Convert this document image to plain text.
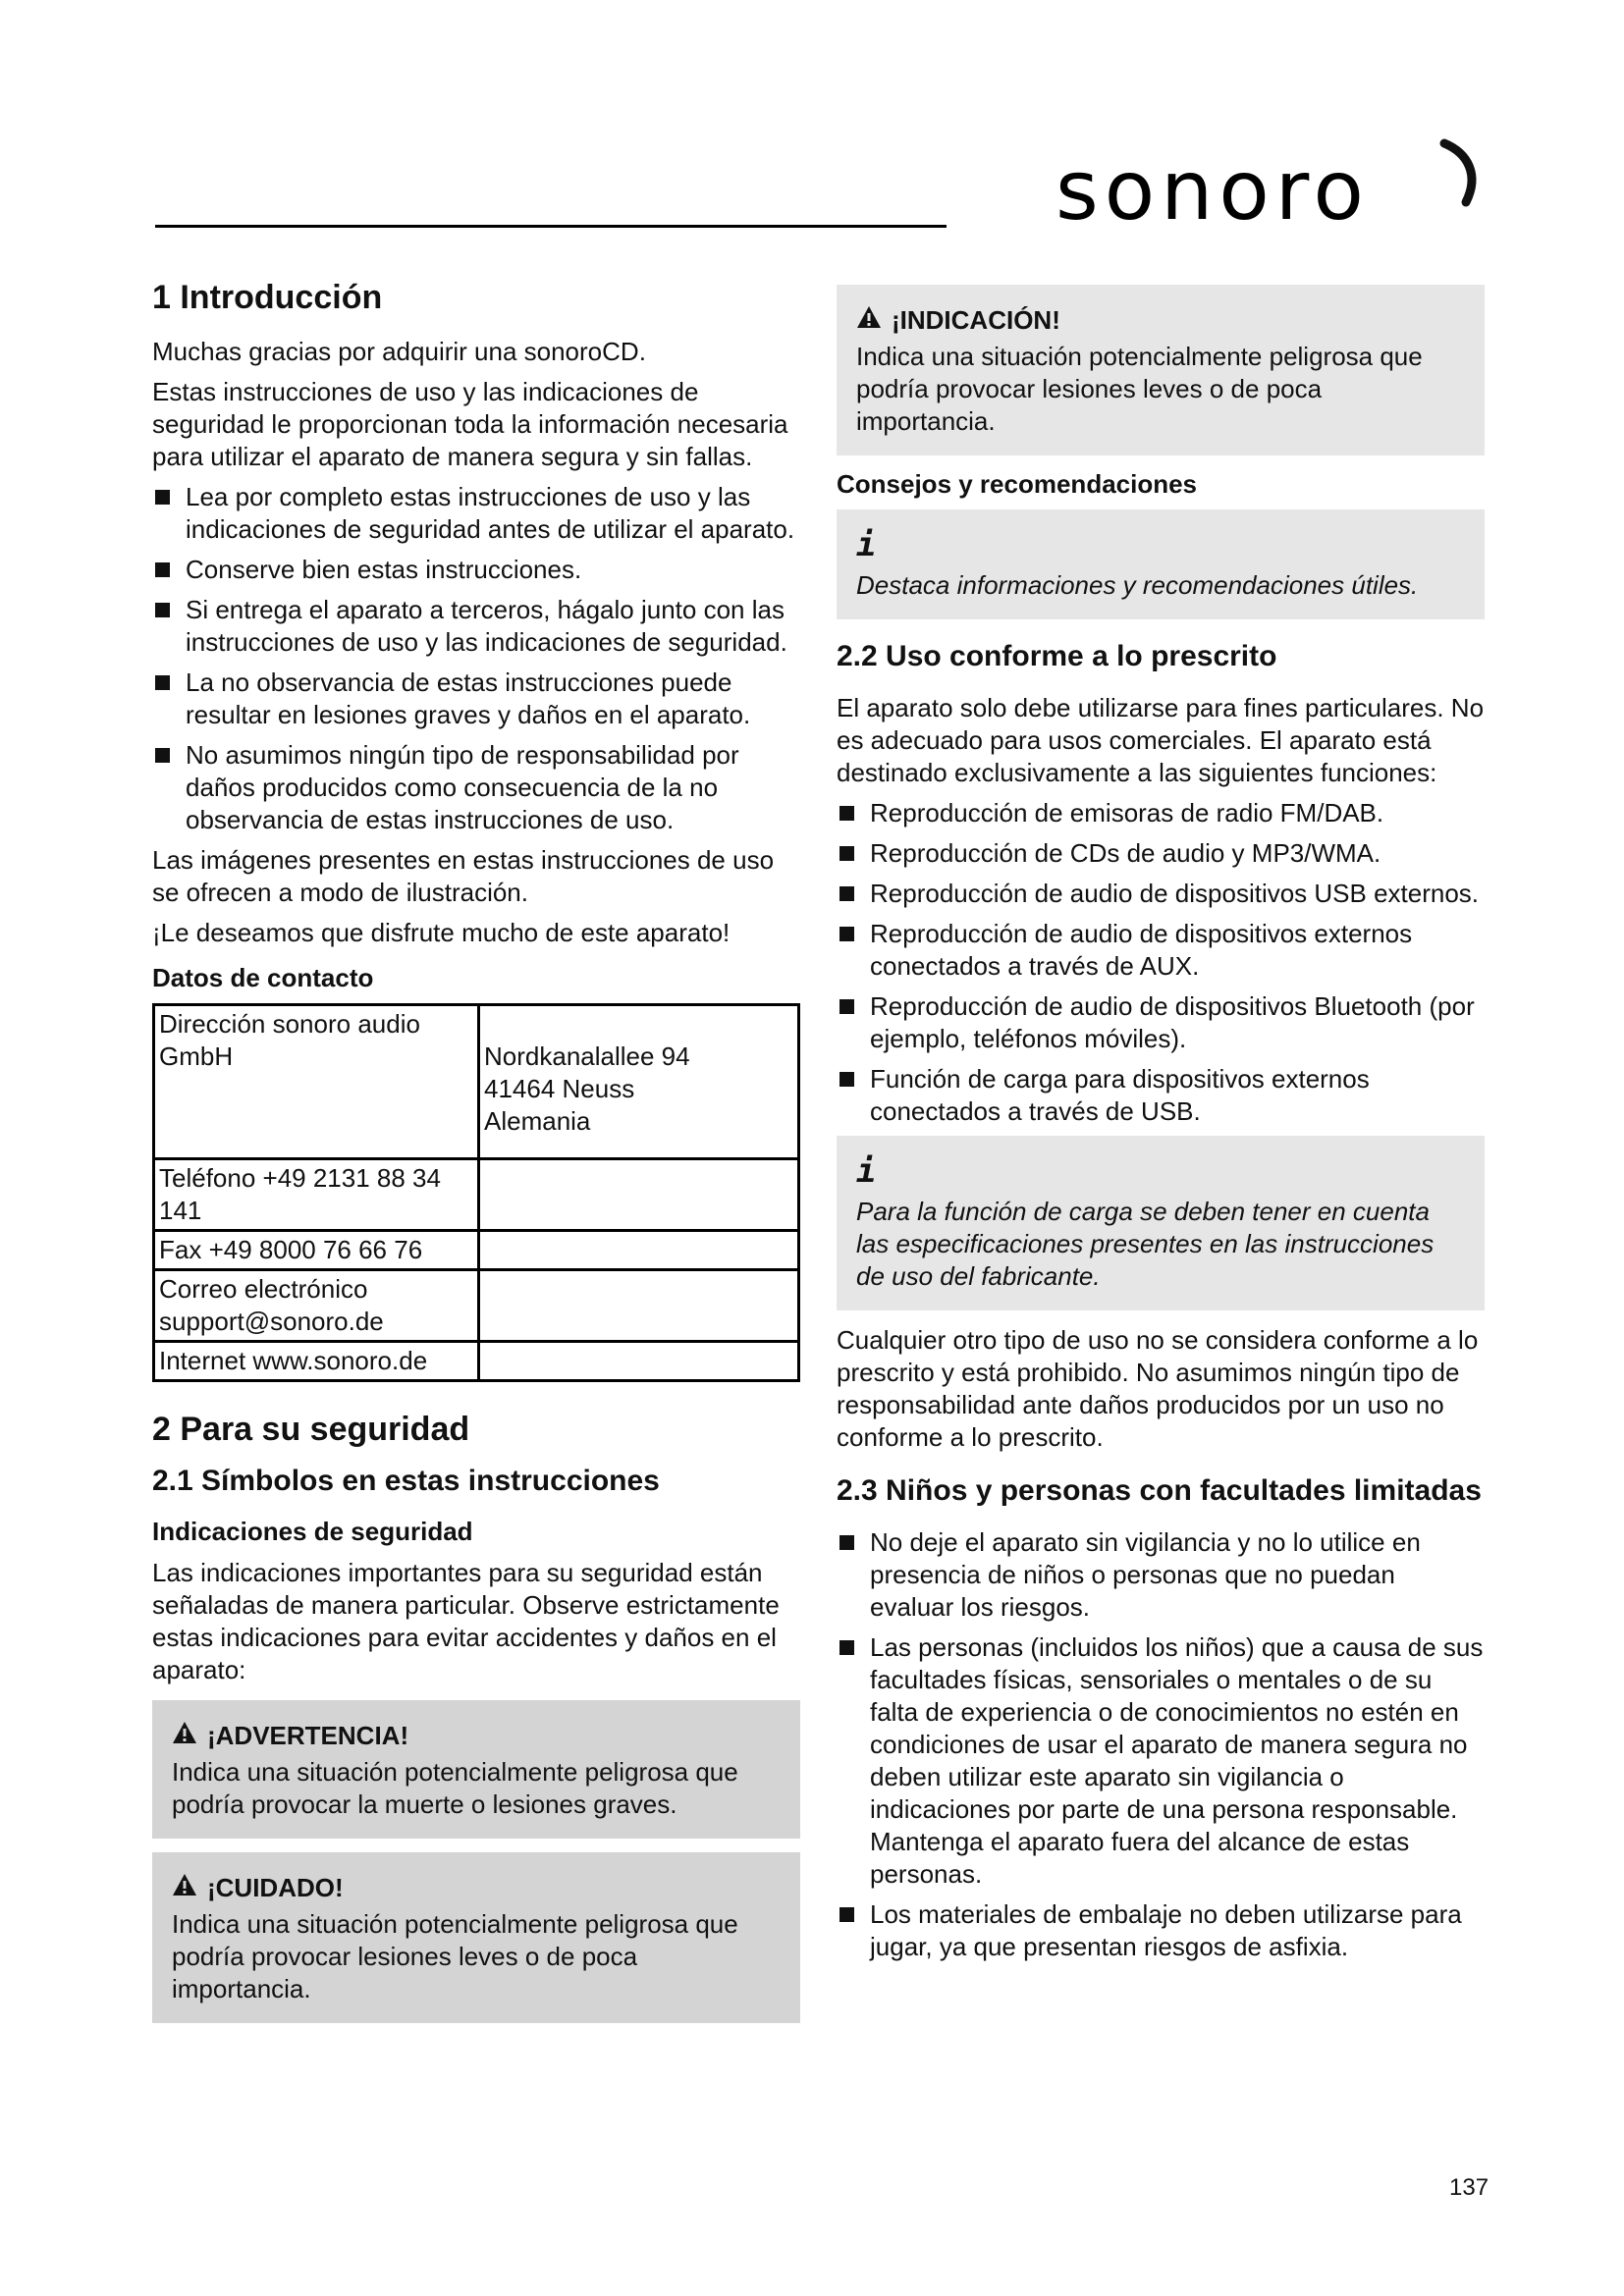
sonoro
1 Introducción

Muchas gracias por adquirir una sonoroCD.

Estas instrucciones de uso y las indicaciones de seguridad le proporcionan toda la información necesaria para utilizar el aparato de manera segura y sin fallas.

Lea por completo estas instrucciones de uso y las indicaciones de seguridad antes de utilizar el aparato.
Conserve bien estas instrucciones.
Si entrega el aparato a terceros, hágalo junto con las instrucciones de uso y las indicaciones de seguridad.
La no observancia de estas instrucciones puede resultar en lesiones graves y daños en el aparato.
No asumimos ningún tipo de responsabilidad por daños producidos como consecuencia de la no observancia de estas instrucciones de uso.

Las imágenes presentes en estas instrucciones de uso se ofrecen a modo de ilustración.

¡Le deseamos que disfrute mucho de este aparato!

Datos de contacto
Dirección sonoro audio GmbH	Nordkanalallee 94
41464 Neuss
Alemania

Teléfono +49 2131 88 34 141	
Fax +49 8000 76 66 76	
Correo electrónico support@sonoro.de	
Internet www.sonoro.de	
2 Para su seguridad
2.1 Símbolos en estas instrucciones
Indicaciones de seguridad

Las indicaciones importantes para su seguridad están señaladas de manera particular. Observe estrictamente estas indicaciones para evitar accidentes y daños en el aparato:

¡ADVERTENCIA!
Indica una situación potencialmente peligrosa que podría provocar la muerte o lesiones graves.
¡CUIDADO!
Indica una situación potencialmente peligrosa que podría provocar lesiones leves o de poca importancia.
¡INDICACIÓN!
Indica una situación potencialmente peligrosa que podría provocar lesiones leves o de poca importancia.
Consejos y recomendaciones
i
Destaca informaciones y recomendaciones útiles.
2.2 Uso conforme a lo prescrito

El aparato solo debe utilizarse para fines particulares. No es adecuado para usos comerciales. El aparato está destinado exclusivamente a las siguientes funciones:

Reproducción de emisoras de radio FM/DAB.
Reproducción de CDs de audio y MP3/WMA.
Reproducción de audio de dispositivos USB externos.
Reproducción de audio de dispositivos externos conectados a través de AUX.
Reproducción de audio de dispositivos Bluetooth (por ejemplo, teléfonos móviles).
Función de carga para dispositivos externos conectados a través de USB.
i
Para la función de carga se deben tener en cuenta las especificaciones presentes en las instrucciones de uso del fabricante.

Cualquier otro tipo de uso no se considera conforme a lo prescrito y está prohibido. No asumimos ningún tipo de responsabilidad ante daños producidos por un uso no conforme a lo prescrito.

2.3 Niños y personas con facultades limitadas
No deje el aparato sin vigilancia y no lo utilice en presencia de niños o personas que no puedan evaluar los riesgos.
Las personas (incluidos los niños) que a causa de sus facultades físicas, sensoriales o mentales o de su falta de experiencia o de conocimientos no estén en condiciones de usar el aparato de manera segura no deben utilizar este aparato sin vigilancia o indicaciones por parte de una persona responsable. Mantenga el aparato fuera del alcance de estas personas.
Los materiales de embalaje no deben utilizarse para jugar, ya que presentan riesgos de asfixia.
137
